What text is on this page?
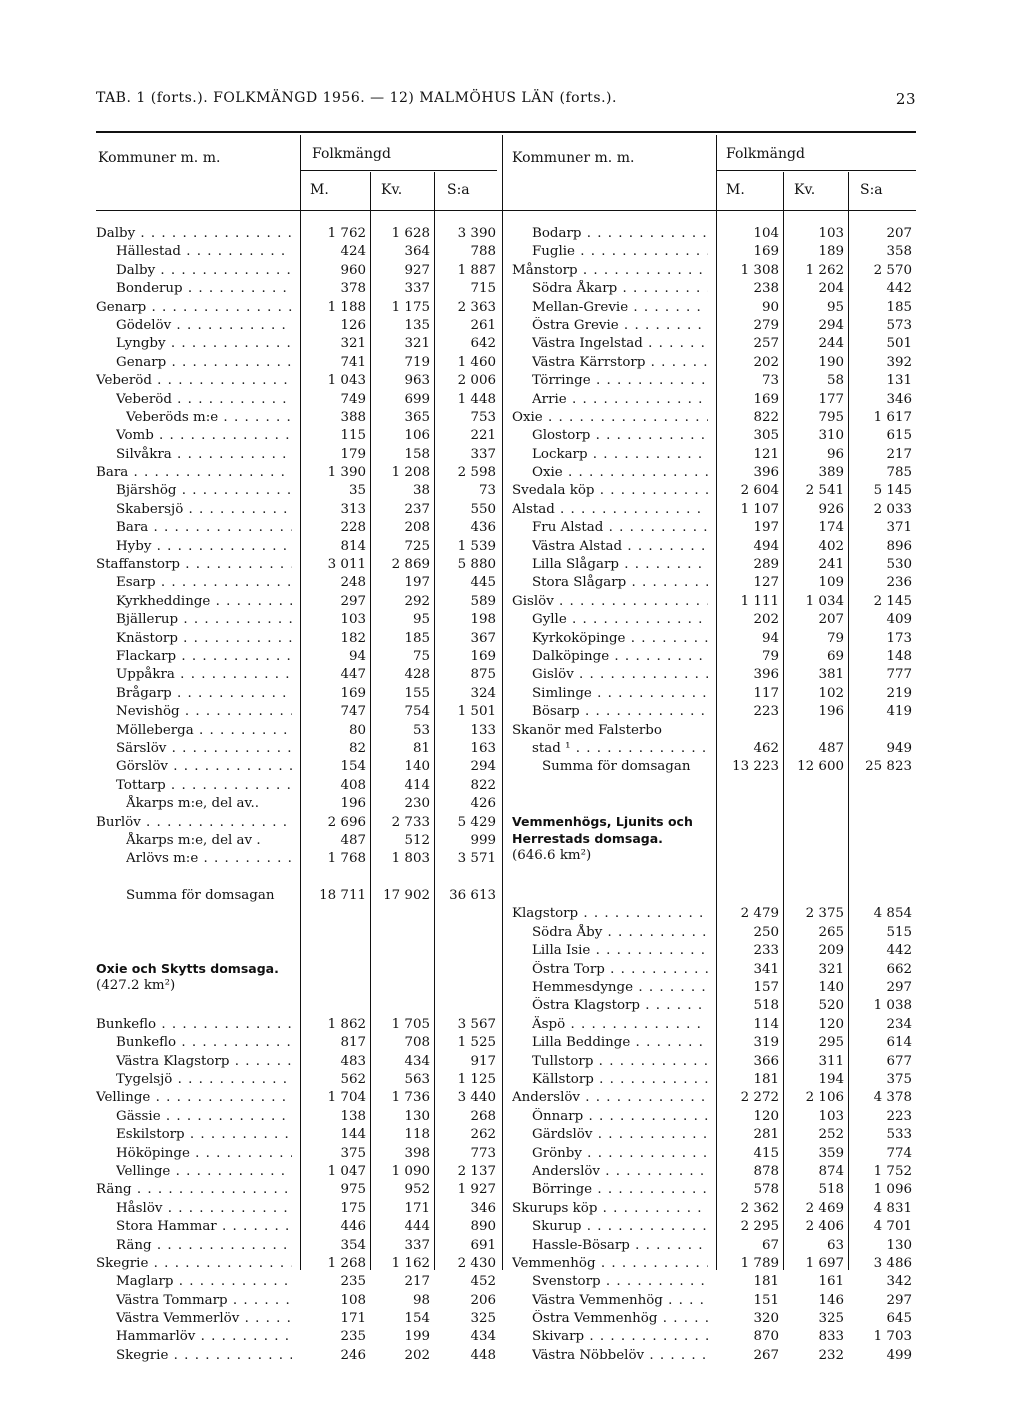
TAB. 1 (forts.). FOLKMÄNGD 1956. — 12) MALMÖHUS LÄN (forts.).	23
Kommuner m. m.	Folkmängd
M.	Kv.	S:a
Kommuner m. m.	Folkmängd
M.	Kv.	S:a
Dalby . . .	1 762	1 628	3 390
Hällestad . . .	424	364	788
Dalby . . .	960	927	1 887
Bonderup . . .	378	337	715
Genarp . . .	1 188	1 175	2 363
Gödelöv . . .	126	135	261
Lyngby . . .	321	321	642
Genarp . . .	741	719	1 460
Veberöd . . .	1 043	963	2 006
Veberöd . . .	749	699	1 448
Veberöds m:e . . .	388	365	753
Vomb . . .	115	106	221
Silvåkra . . .	179	158	337
Bara . . .	1 390	1 208	2 598
Bjärshög . . .	35	38	73
Skabersjö . . .	313	237	550
Bara . . .	228	208	436
Hyby . . .	814	725	1 539
Staffanstorp . . .	3 011	2 869	5 880
Esarp . . .	248	197	445
Kyrkheddinge . . .	297	292	589
Bjällerup . . .	103	95	198
Knästorp . . .	182	185	367
Flackarp . . .	94	75	169
Uppåkra . . .	447	428	875
Brågarp . . .	169	155	324
Nevishög . . .	747	754	1 501
Mölleberga . . .	80	53	133
Särslöv . . .	82	81	163
Görslöv . . .	154	140	294
Tottarp . . .	408	414	822
Åkarps m:e, del av..	196	230	426
Burlöv . . .	2 696	2 733	5 429
Åkarps m:e, del av .	487	512	999
Arlövs m:e . . .	1 768	1 803	3 571
Summa för domsagan	18 711	17 902	36 613
Oxie och Skytts domsaga.
(427.2 km²)
Bunkeflo . . .	1 862	1 705	3 567
Bunkeflo . . .	817	708	1 525
Västra Klagstorp . . .	483	434	917
Tygelsjö . . .	562	563	1 125
Vellinge . . .	1 704	1 736	3 440
Gässie . . .	138	130	268
Eskilstorp . . .	144	118	262
Hököpinge . . .	375	398	773
Vellinge . . .	1 047	1 090	2 137
Räng . . .	975	952	1 927
Håslöv . . .	175	171	346
Stora Hammar . . .	446	444	890
Räng . . .	354	337	691
Skegrie . . .	1 268	1 162	2 430
Maglarp . . .	235	217	452
Västra Tommarp . . .	108	98	206
Västra Vemmerlöv . . .	171	154	325
Hammarlöv . . .	235	199	434
Skegrie . . .	246	202	448
Bodarp . . .	104	103	207
Fuglie . . .	169	189	358
Månstorp . . .	1 308	1 262	2 570
Södra Åkarp . . .	238	204	442
Mellan-Grevie . . .	90	95	185
Östra Grevie . . .	279	294	573
Västra Ingelstad . . .	257	244	501
Västra Kärrstorp . . .	202	190	392
Törringe . . .	73	58	131
Arrie . . .	169	177	346
Oxie . . .	822	795	1 617
Glostorp . . .	305	310	615
Lockarp . . .	121	96	217
Oxie . . .	396	389	785
Svedala köp . . .	2 604	2 541	5 145
Alstad . . .	1 107	926	2 033
Fru Alstad . . .	197	174	371
Västra Alstad . . .	494	402	896
Lilla Slågarp . . .	289	241	530
Stora Slågarp . . .	127	109	236
Gislöv . . .	1 111	1 034	2 145
Gylle . . .	202	207	409
Kyrkoköpinge . . .	94	79	173
Dalköpinge . . .	79	69	148
Gislöv . . .	396	381	777
Simlinge . . .	117	102	219
Bösarp . . .	223	196	419
Skanör med Falsterbo
stad ¹ . . .	462	487	949
Summa för domsagan	13 223	12 600	25 823
Vemmenhögs, Ljunits och Herrestads domsaga.
(646.6 km²)
Klagstorp . . .	2 479	2 375	4 854
Södra Åby . . .	250	265	515
Lilla Isie . . .	233	209	442
Östra Torp . . .	341	321	662
Hemmesdynge . . .	157	140	297
Östra Klagstorp . . .	518	520	1 038
Äspö . . .	114	120	234
Lilla Beddinge . . .	319	295	614
Tullstorp . . .	366	311	677
Källstorp . . .	181	194	375
Anderslöv . . .	2 272	2 106	4 378
Önnarp . . .	120	103	223
Gärdslöv . . .	281	252	533
Grönby . . .	415	359	774
Anderslöv . . .	878	874	1 752
Börringe . . .	578	518	1 096
Skurups köp . . .	2 362	2 469	4 831
Skurup . . .	2 295	2 406	4 701
Hassle-Bösarp . . .	67	63	130
Vemmenhög . . .	1 789	1 697	3 486
Svenstorp . . .	181	161	342
Västra Vemmenhög . . .	151	146	297
Östra Vemmenhög . . .	320	325	645
Skivarp . . .	870	833	1 703
Västra Nöbbelöv . . .	267	232	499
